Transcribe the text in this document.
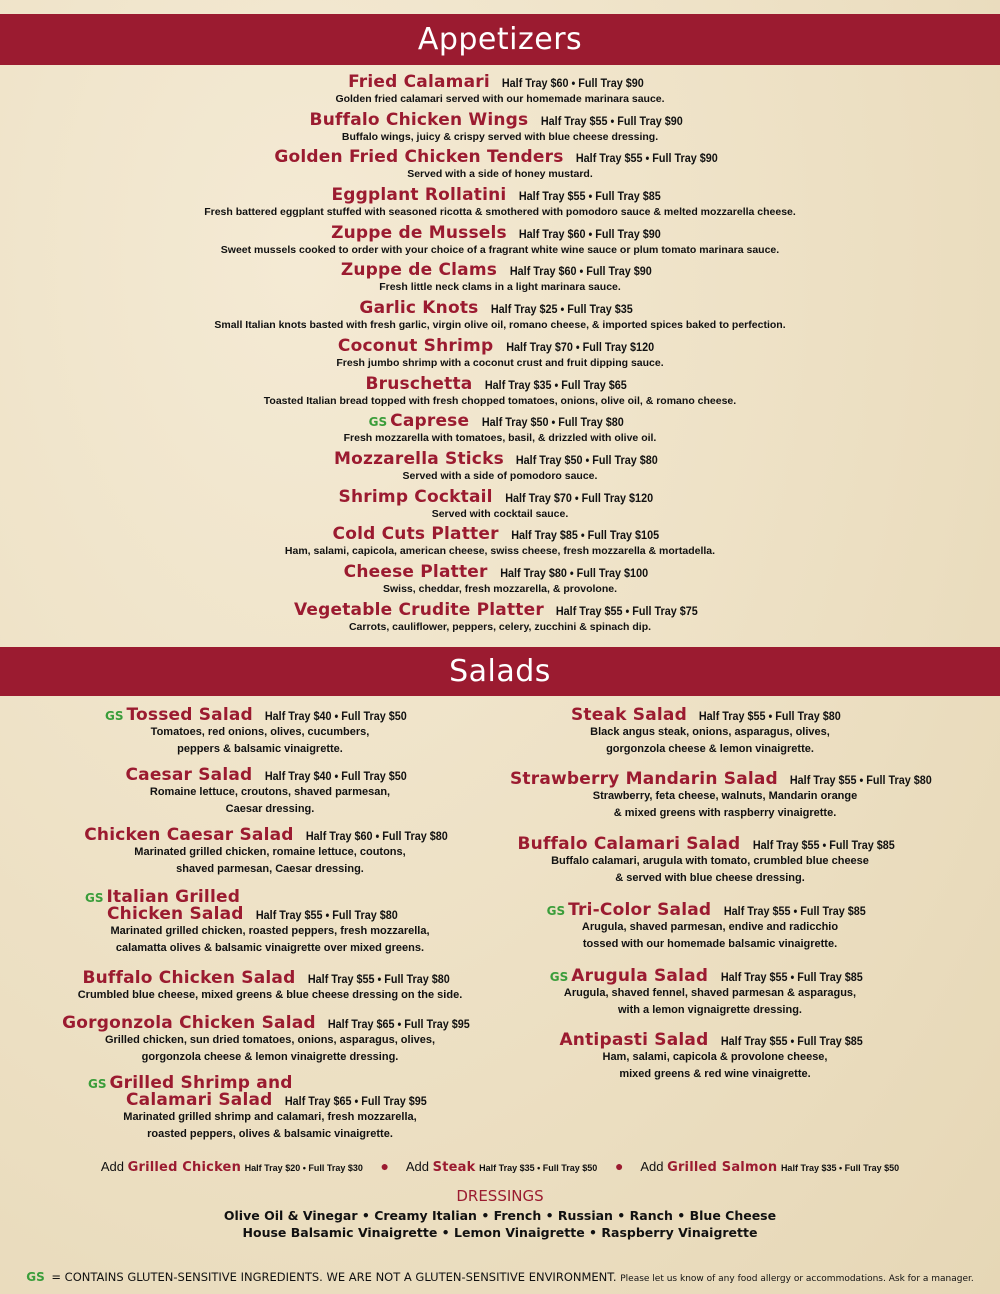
Appetizers
Fried Calamari Half Tray $60 • Full Tray $90
Golden fried calamari served with our homemade marinara sauce.
Buffalo Chicken Wings Half Tray $55 • Full Tray $90
Buffalo wings, juicy & crispy served with blue cheese dressing.
Golden Fried Chicken Tenders Half Tray $55 • Full Tray $90
Served with a side of honey mustard.
Eggplant Rollatini Half Tray $55 • Full Tray $85
Fresh battered eggplant stuffed with seasoned ricotta & smothered with pomodoro sauce & melted mozzarella cheese.
Zuppe de Mussels Half Tray $60 • Full Tray $90
Sweet mussels cooked to order with your choice of a fragrant white wine sauce or plum tomato marinara sauce.
Zuppe de Clams Half Tray $60 • Full Tray $90
Fresh little neck clams in a light marinara sauce.
Garlic Knots Half Tray $25 • Full Tray $35
Small Italian knots basted with fresh garlic, virgin olive oil, romano cheese, & imported spices baked to perfection.
Coconut Shrimp Half Tray $70 • Full Tray $120
Fresh jumbo shrimp with a coconut crust and fruit dipping sauce.
Bruschetta Half Tray $35 • Full Tray $65
Toasted Italian bread topped with fresh chopped tomatoes, onions, olive oil, & romano cheese.
GS Caprese Half Tray $50 • Full Tray $80
Fresh mozzarella with tomatoes, basil, & drizzled with olive oil.
Mozzarella Sticks Half Tray $50 • Full Tray $80
Served with a side of pomodoro sauce.
Shrimp Cocktail Half Tray $70 • Full Tray $120
Served with cocktail sauce.
Cold Cuts Platter Half Tray $85 • Full Tray $105
Ham, salami, capicola, american cheese, swiss cheese, fresh mozzarella & mortadella.
Cheese Platter Half Tray $80 • Full Tray $100
Swiss, cheddar, fresh mozzarella, & provolone.
Vegetable Crudite Platter Half Tray $55 • Full Tray $75
Carrots, cauliflower, peppers, celery, zucchini & spinach dip.
Salads
GS Tossed Salad Half Tray $40 • Full Tray $50
Tomatoes, red onions, olives, cucumbers,
peppers & balsamic vinaigrette.
Caesar Salad Half Tray $40 • Full Tray $50
Romaine lettuce, croutons, shaved parmesan,
Caesar dressing.
Chicken Caesar Salad Half Tray $60 • Full Tray $80
Marinated grilled chicken, romaine lettuce, coutons,
shaved parmesan, Caesar dressing.
GS Italian Grilled
Chicken Salad Half Tray $55 • Full Tray $80
Marinated grilled chicken, roasted peppers, fresh mozzarella,
calamatta olives & balsamic vinaigrette over mixed greens.
Buffalo Chicken Salad Half Tray $55 • Full Tray $80
Crumbled blue cheese, mixed greens & blue cheese dressing on the side.
Gorgonzola Chicken Salad Half Tray $65 • Full Tray $95
Grilled chicken, sun dried tomatoes, onions, asparagus, olives,
gorgonzola cheese & lemon vinaigrette dressing.
GS Grilled Shrimp and
Calamari Salad Half Tray $65 • Full Tray $95
Marinated grilled shrimp and calamari, fresh mozzarella,
roasted peppers, olives & balsamic vinaigrette.
Steak Salad Half Tray $55 • Full Tray $80
Black angus steak, onions, asparagus, olives,
gorgonzola cheese & lemon vinaigrette.
Strawberry Mandarin Salad Half Tray $55 • Full Tray $80
Strawberry, feta cheese, walnuts, Mandarin orange
& mixed greens with raspberry vinaigrette.
Buffalo Calamari Salad Half Tray $55 • Full Tray $85
Buffalo calamari, arugula with tomato, crumbled blue cheese
& served with blue cheese dressing.
GS Tri-Color Salad Half Tray $55 • Full Tray $85
Arugula, shaved parmesan, endive and radicchio
tossed with our homemade balsamic vinaigrette.
GS Arugula Salad Half Tray $55 • Full Tray $85
Arugula, shaved fennel, shaved parmesan & asparagus,
with a lemon vignaigrette dressing.
Antipasti Salad Half Tray $55 • Full Tray $85
Ham, salami, capicola & provolone cheese,
mixed greens & red wine vinaigrette.
Add Grilled Chicken Half Tray $20 • Full Tray $30 ● Add Steak Half Tray $35 • Full Tray $50 ● Add Grilled Salmon Half Tray $35 • Full Tray $50
DRESSINGS
Olive Oil & Vinegar • Creamy Italian • French • Russian • Ranch • Blue Cheese
House Balsamic Vinaigrette • Lemon Vinaigrette • Raspberry Vinaigrette
GS = CONTAINS GLUTEN-SENSITIVE INGREDIENTS. WE ARE NOT A GLUTEN-SENSITIVE ENVIRONMENT. Please let us know of any food allergy or accommodations. Ask for a manager.
